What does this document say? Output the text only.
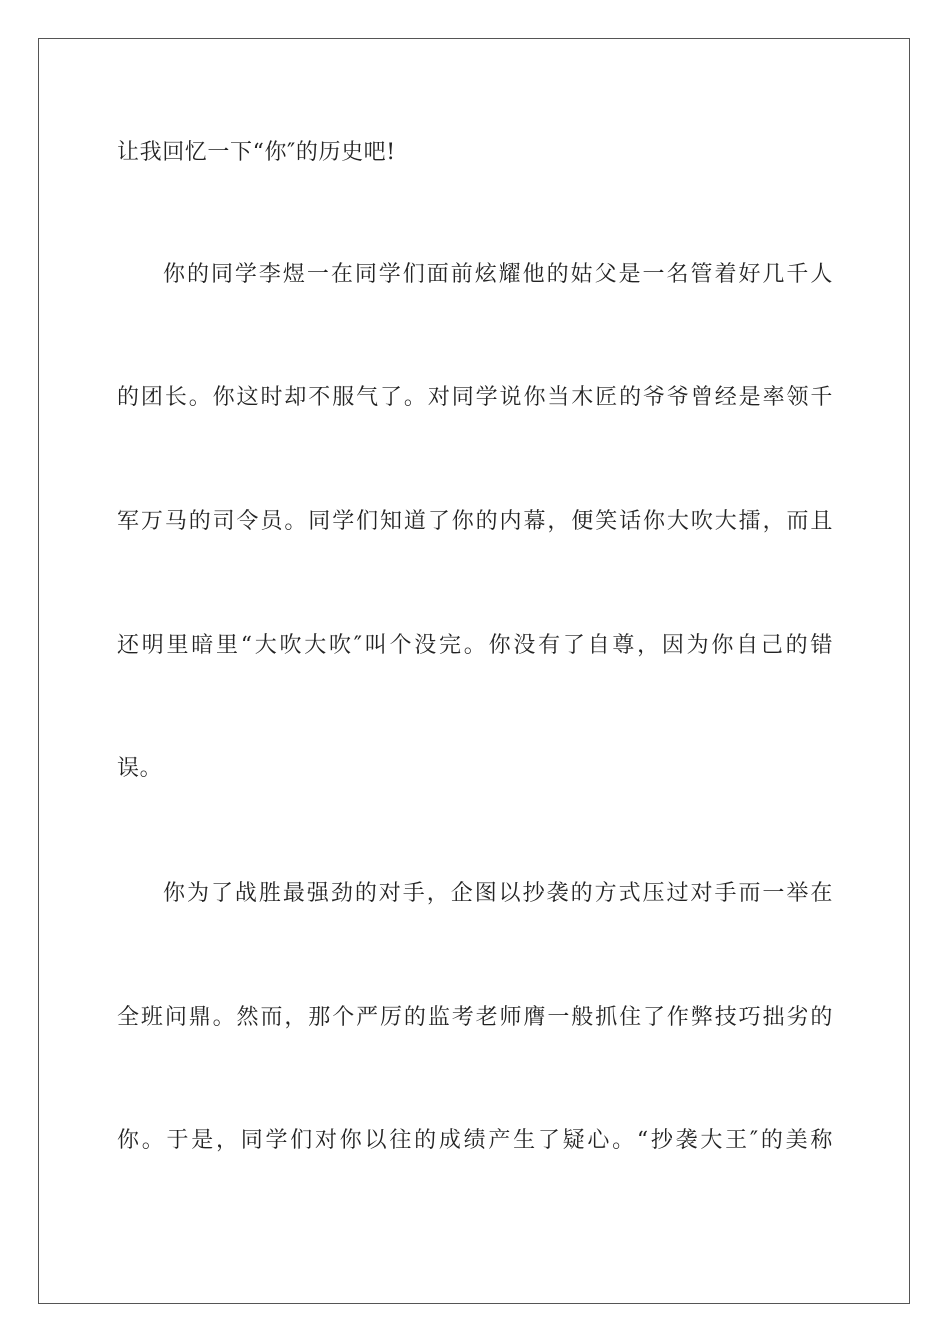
让我回忆一下“你″的历史吧!
你的同学李煜一在同学们面前炫耀他的姑父是一名管着好几千人
的团长。你这时却不服气了。对同学说你当木匠的爷爷曾经是率领千
军万马的司令员。同学们知道了你的内幕，便笑话你大吹大擂，而且
还明里暗里“大吹大吹″叫个没完。你没有了自尊，因为你自己的错
误。
你为了战胜最强劲的对手，企图以抄袭的方式压过对手而一举在
全班问鼎。然而，那个严厉的监考老师膺一般抓住了作弊技巧拙劣的
你。于是，同学们对你以往的成绩产生了疑心。“抄袭大王″的美称
